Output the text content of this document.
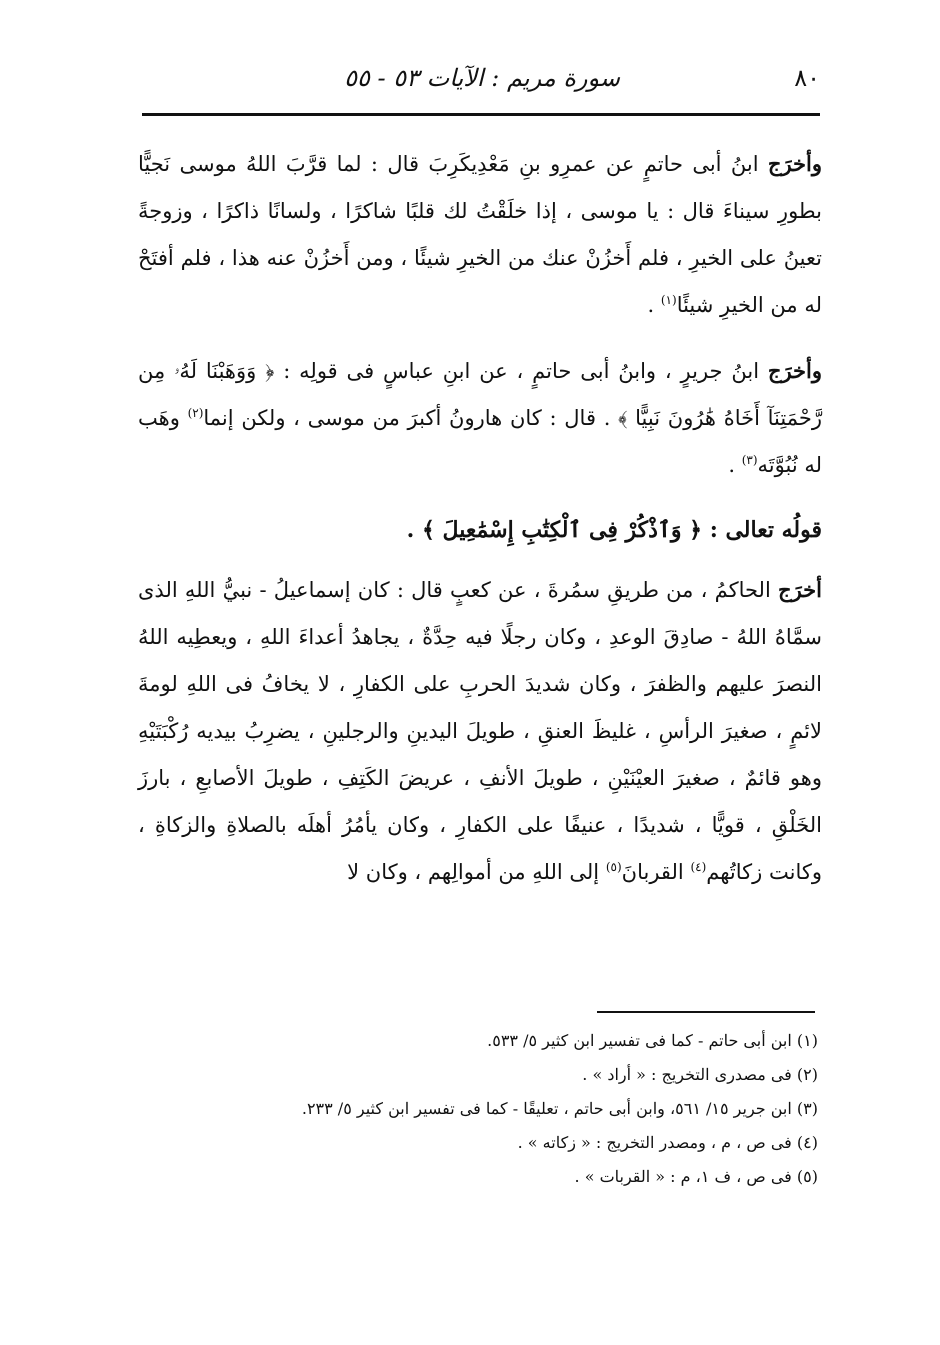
٨٠
سورة مريم : الآيات ٥٣ - ٥٥

وأخرَج ابنُ أبى حاتمٍ عن عمرِو بنِ مَعْدِيكَرِبَ قال : لما قرَّبَ اللهُ موسى نَجيًّا بطورِ سيناءَ قال : يا موسى ، إذا خلَقْتُ لك قلبًا شاكرًا ، ولسانًا ذاكرًا ، وزوجةً تعينُ على الخيرِ ، فلم أَخزُنْ عنك من الخيرِ شيئًا ، ومن أَخزُنْ عنه هذا ، فلم أفتَحْ له من الخيرِ شيئًا$^{(١)}$ .

وأخرَج ابنُ جريرٍ ، وابنُ أبى حاتمٍ ، عن ابنِ عباسٍ فى قولِه : ﴿ وَوَهَبْنَا لَهُۥ مِن رَّحْمَتِنَآ أَخَاهُ هَٰرُونَ نَبِيًّا ﴾ . قال : كان هارونُ أكبرَ من موسى ، ولكن إنما$^{(٢)}$ وهَب له نُبُوَّتَه$^{(٣)}$ .

قولُه تعالى : ﴿ وَٱذْكُرْ فِى ٱلْكِتَٰبِ إِسْمَٰعِيلَ ﴾ .

أخرَج الحاكمُ ، من طريقِ سمُرةَ ، عن كعبٍ قال : كان إسماعيلُ - نبيُّ اللهِ الذى سمَّاهُ اللهُ - صادِقَ الوعدِ ، وكان رجلًا فيه حِدَّةٌ ، يجاهدُ أعداءَ اللهِ ، ويعطِيه اللهُ النصرَ عليهم والظفرَ ، وكان شديدَ الحربِ على الكفارِ ، لا يخافُ فى اللهِ لومةَ لائمٍ ، صغيرَ الرأسِ ، غليظَ العنقِ ، طويلَ اليدينِ والرجلينِ ، يضرِبُ بيديه رُكْبَتَيْهِ وهو قائمٌ ، صغيرَ العيْنَيْنِ ، طويلَ الأنفِ ، عريضَ الكَتِفِ ، طويلَ الأصابعِ ، بارزَ الخَلْقِ ، قويًّا ، شديدًا ، عنيفًا على الكفارِ ، وكان يأمُرُ أهلَه بالصلاةِ والزكاةِ ، وكانت زكاتُهم$^{(٤)}$ القربانَ$^{(٥)}$ إلى اللهِ من أموالِهم ، وكان لا

(١) ابن أبى حاتم - كما فى تفسير ابن كثير ٥/ ٥٣٣.

(٢) فى مصدرى التخريج : « أراد » .

(٣) ابن جرير ١٥/ ٥٦١، وابن أبى حاتم ، تعليقًا - كما فى تفسير ابن كثير ٥/ ٢٣٣.

(٤) فى ص ، م ، ومصدر التخريج : « زكاته » .

(٥) فى ص ، ف ١، م : « القربات » .
